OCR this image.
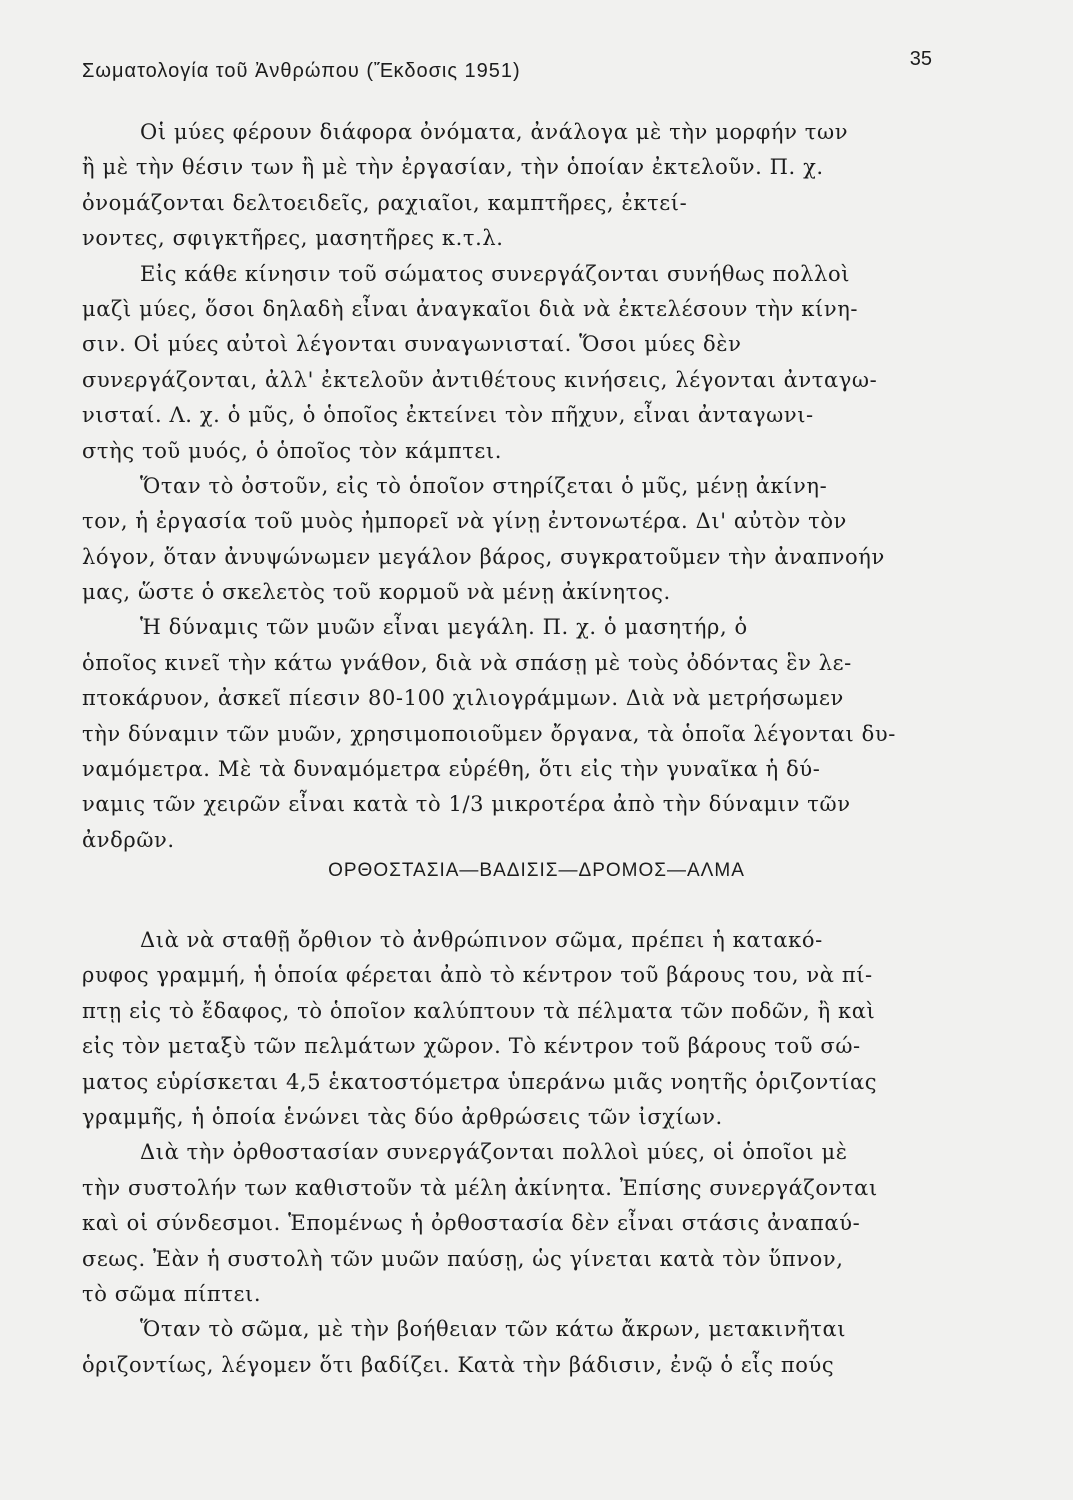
Σωματολογία τοῦ Ἀνθρώπου (Ἔκδοσις 1951)
35
Οἱ μύες φέρουν διάφορα ὀνόματα, ἀνάλογα μὲ τὴν μορφήν των
ἢ μὲ τὴν θέσιν των ἢ μὲ τὴν ἐργασίαν, τὴν ὁποίαν ἐκτελοῦν. Π. χ.
ὀνομάζονται δελτοειδεῖς, ραχιαῖοι, καμπτῆρες, ἐκτεί-
νοντες, σφιγκτῆρες, μασητῆρες κ.τ.λ.
Εἰς κάθε κίνησιν τοῦ σώματος συνεργάζονται συνήθως πολλοὶ
μαζὶ μύες, ὅσοι δηλαδὴ εἶναι ἀναγκαῖοι διὰ νὰ ἐκτελέσουν τὴν κίνη-
σιν. Οἱ μύες αὐτοὶ λέγονται συναγωνισταί. Ὅσοι μύες δὲν
συνεργάζονται, ἀλλ' ἐκτελοῦν ἀντιθέτους κινήσεις, λέγονται ἀνταγω-
νισταί. Λ. χ. ὁ μῦς, ὁ ὁποῖος ἐκτείνει τὸν πῆχυν, εἶναι ἀνταγωνι-
στὴς τοῦ μυός, ὁ ὁποῖος τὸν κάμπτει.
Ὅταν τὸ ὀστοῦν, εἰς τὸ ὁποῖον στηρίζεται ὁ μῦς, μένῃ ἀκίνη-
τον, ἡ ἐργασία τοῦ μυὸς ἠμπορεῖ νὰ γίνῃ ἐντονωτέρα. Δι' αὐτὸν τὸν
λόγον, ὅταν ἀνυψώνωμεν μεγάλον βάρος, συγκρατοῦμεν τὴν ἀναπνοήν
μας, ὥστε ὁ σκελετὸς τοῦ κορμοῦ νὰ μένῃ ἀκίνητος.
Ἡ δύναμις τῶν μυῶν εἶναι μεγάλη. Π. χ. ὁ μασητήρ, ὁ
ὁποῖος κινεῖ τὴν κάτω γνάθον, διὰ νὰ σπάσῃ μὲ τοὺς ὀδόντας ἓν λε-
πτοκάρυον, ἀσκεῖ πίεσιν 80-100 χιλιογράμμων. Διὰ νὰ μετρήσωμεν
τὴν δύναμιν τῶν μυῶν, χρησιμοποιοῦμεν ὄργανα, τὰ ὁποῖα λέγονται δυ-
ναμόμετρα. Μὲ τὰ δυναμόμετρα εὑρέθη, ὅτι εἰς τὴν γυναῖκα ἡ δύ-
ναμις τῶν χειρῶν εἶναι κατὰ τὸ 1/3 μικροτέρα ἀπὸ τὴν δύναμιν τῶν
ἀνδρῶν.
ΟΡΘΟΣΤΑΣΙΑ—ΒΑΔΙΣΙΣ—ΔΡΟΜΟΣ—ΑΛΜΑ
Διὰ νὰ σταθῇ ὄρθιον τὸ ἀνθρώπινον σῶμα, πρέπει ἡ κατακό-
ρυφος γραμμή, ἡ ὁποία φέρεται ἀπὸ τὸ κέντρον τοῦ βάρους του, νὰ πί-
πτῃ εἰς τὸ ἔδαφος, τὸ ὁποῖον καλύπτουν τὰ πέλματα τῶν ποδῶν, ἢ καὶ
εἰς τὸν μεταξὺ τῶν πελμάτων χῶρον. Τὸ κέντρον τοῦ βάρους τοῦ σώ-
ματος εὑρίσκεται 4,5 ἑκατοστόμετρα ὑπεράνω μιᾶς νοητῆς ὁριζοντίας
γραμμῆς, ἡ ὁποία ἑνώνει τὰς δύο ἀρθρώσεις τῶν ἰσχίων.
Διὰ τὴν ὀρθοστασίαν συνεργάζονται πολλοὶ μύες, οἱ ὁποῖοι μὲ
τὴν συστολήν των καθιστοῦν τὰ μέλη ἀκίνητα. Ἐπίσης συνεργάζονται
καὶ οἱ σύνδεσμοι. Ἑπομένως ἡ ὀρθοστασία δὲν εἶναι στάσις ἀναπαύ-
σεως. Ἐὰν ἡ συστολὴ τῶν μυῶν παύσῃ, ὡς γίνεται κατὰ τὸν ὕπνον,
τὸ σῶμα πίπτει.
Ὅταν τὸ σῶμα, μὲ τὴν βοήθειαν τῶν κάτω ἄκρων, μετακινῆται
ὁριζοντίως, λέγομεν ὅτι βαδίζει. Κατὰ τὴν βάδισιν, ἐνῷ ὁ εἷς πούς
